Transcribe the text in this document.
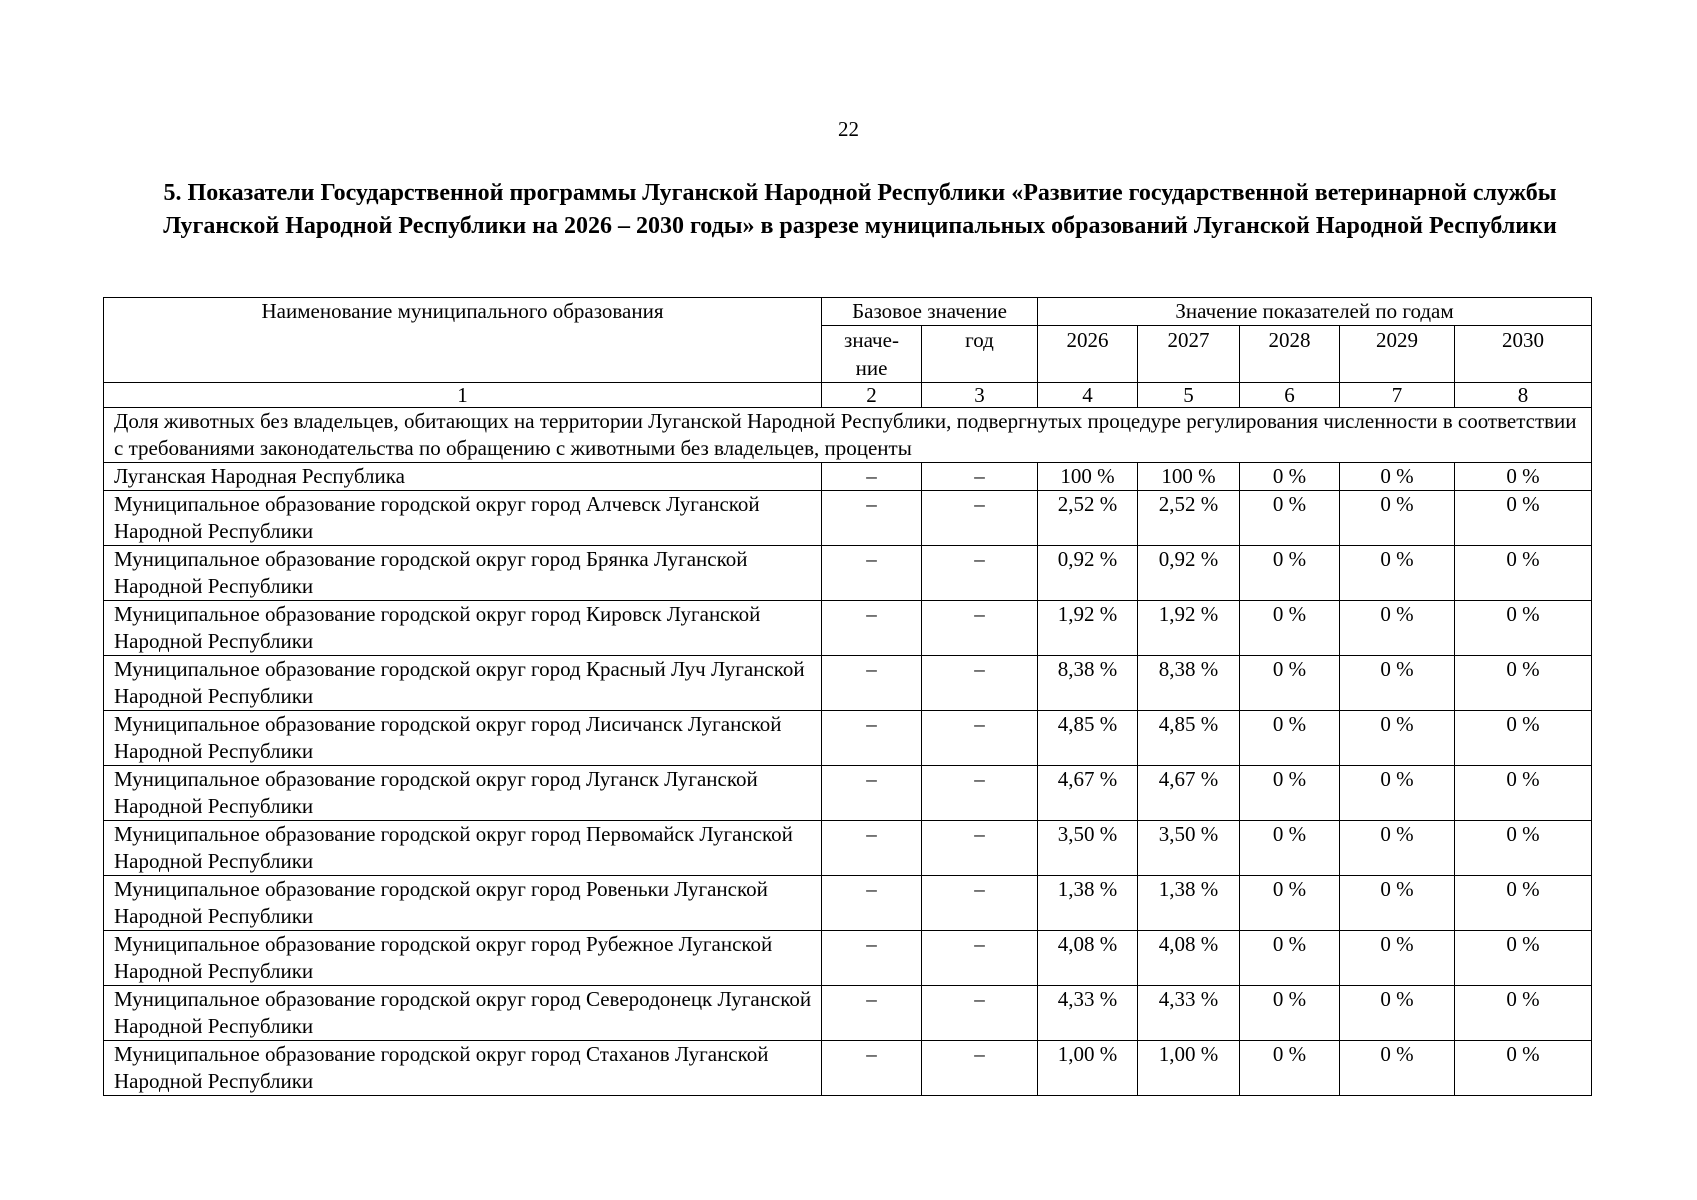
22
5. Показатели Государственной программы Луганской Народной Республики «Развитие государственной ветеринарной службы Луганской Народной Республики на 2026 – 2030 годы» в разрезе муниципальных образований Луганской Народной Республики
Наименование муниципального образования	Базовое значение		Значение показателей по годам				
	значе-ние	год	2026	2027	2028	2029	2030
1	2	3	4	5	6	7	8
Доля животных без владельцев, обитающих на территории Луганской Народной Республики, подвергнутых процедуре регулирования численности в соответствии с требованиями законодательства по обращению с животными без владельцев, проценты							
Луганская Народная Республика	–	–	100 %	100 %	0 %	0 %	0 %
Муниципальное образование городской округ город Алчевск Луганской Народной Республики	–	–	2,52 %	2,52 %	0 %	0 %	0 %
Муниципальное образование городской округ город Брянка Луганской Народной Республики	–	–	0,92 %	0,92 %	0 %	0 %	0 %
Муниципальное образование городской округ город Кировск Луганской Народной Республики	–	–	1,92 %	1,92 %	0 %	0 %	0 %
Муниципальное образование городской округ город Красный Луч Луганской Народной Республики	–	–	8,38 %	8,38 %	0 %	0 %	0 %
Муниципальное образование городской округ город Лисичанск Луганской Народной Республики	–	–	4,85 %	4,85 %	0 %	0 %	0 %
Муниципальное образование городской округ город Луганск Луганской Народной Республики	–	–	4,67 %	4,67 %	0 %	0 %	0 %
Муниципальное образование городской округ город Первомайск Луганской Народной Республики	–	–	3,50 %	3,50 %	0 %	0 %	0 %
Муниципальное образование городской округ город Ровеньки Луганской Народной Республики	–	–	1,38 %	1,38 %	0 %	0 %	0 %
Муниципальное образование городской округ город Рубежное Луганской Народной Республики	–	–	4,08 %	4,08 %	0 %	0 %	0 %
Муниципальное образование городской округ город Северодонецк Луганской Народной Республики	–	–	4,33 %	4,33 %	0 %	0 %	0 %
Муниципальное образование городской округ город Стаханов Луганской Народной Республики	–	–	1,00 %	1,00 %	0 %	0 %	0 %
